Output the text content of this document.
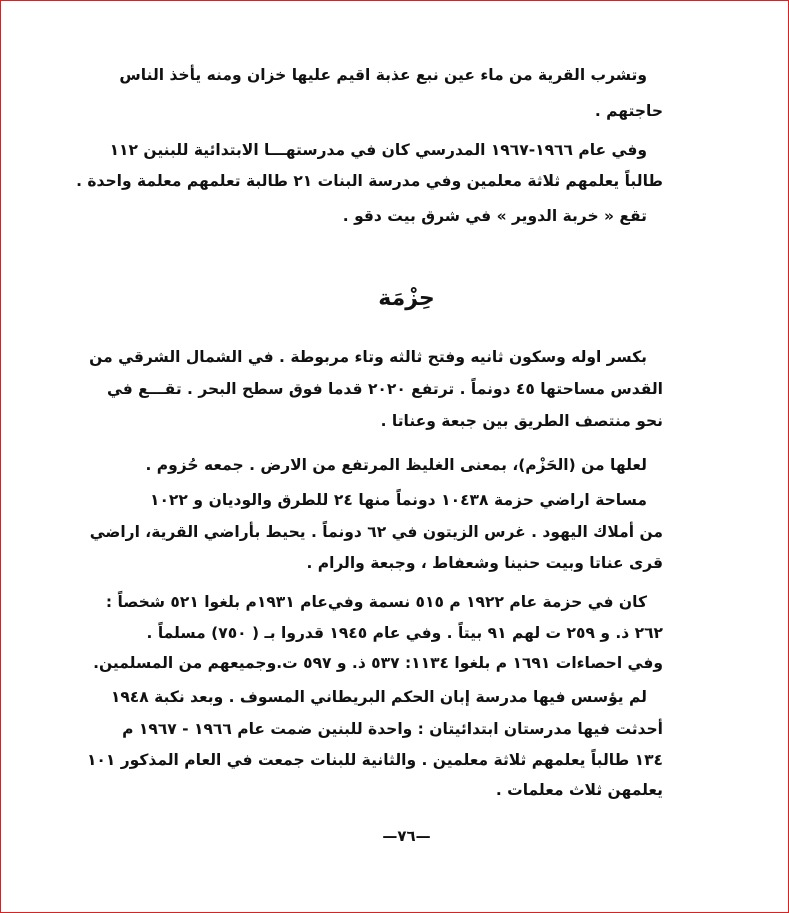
وتشرب القرية من ماء عين نبع عذبة اقيم عليها خزان ومنه يأخذ الناس
حاجتهم .
وفي عام ١٩٦٦-١٩٦٧ المدرسي كان في مدرستهـــا الابتدائية للبنين ١١٢
طالباً يعلمهم ثلاثة معلمين وفي مدرسة البنات ٢١ طالبة تعلمهم معلمة واحدة .
تقع « خربة الدوير » في شرق بيت دقو .
حِزْمَة
بكسر اوله وسكون ثانيه وفتح ثالثه وتاء مربوطة . في الشمال الشرقي من
القدس مساحتها ٤٥ دونماً . ترتفع ٢٠٢٠ قدما فوق سطح البحر . تقـــع في
نحو منتصف الطريق بين جبعة وعناتا .
لعلها من (الحَزْم)، بمعنى الغليظ المرتفع من الارض . جمعه حُزوم .
مساحة اراضي حزمة ١٠٤٣٨ دونماً منها ٢٤ للطرق والوديان و ١٠٢٢
من أملاك اليهود . غرس الزيتون في ٦٢ دونماً . يحيط بأراضي القرية، اراضي
قرى عناتا وبيت حنينا وشعفاط ، وجبعة والرام .
كان في حزمة عام ١٩٢٢ م ٥١٥ نسمة وفي‌عام ١٩٣١م بلغوا ٥٢١ شخصاً :
٢٦٢ ذ. و ٢٥٩ ت لهم ٩١ بيتاً . وفي عام ١٩٤٥ قدروا بـ ( ٧٥٠) مسلماً .
وفي احصاءات ١٦٩١ م بلغوا ١١٣٤: ٥٣٧ ذ. و ٥٩٧ ت.وجميعهم من المسلمين.
لم يؤسس فيها مدرسة إبان الحكم البريطاني المسوف . وبعد نكبة ١٩٤٨
أحدثت فيها مدرستان ابتدائيتان : واحدة للبنين ضمت عام ١٩٦٦ - ١٩٦٧ م
١٣٤ طالباً يعلمهم ثلاثة معلمين . والثانية للبنات جمعت في العام المذكور ١٠١
يعلمهن ثلاث معلمات .
—٧٦—
